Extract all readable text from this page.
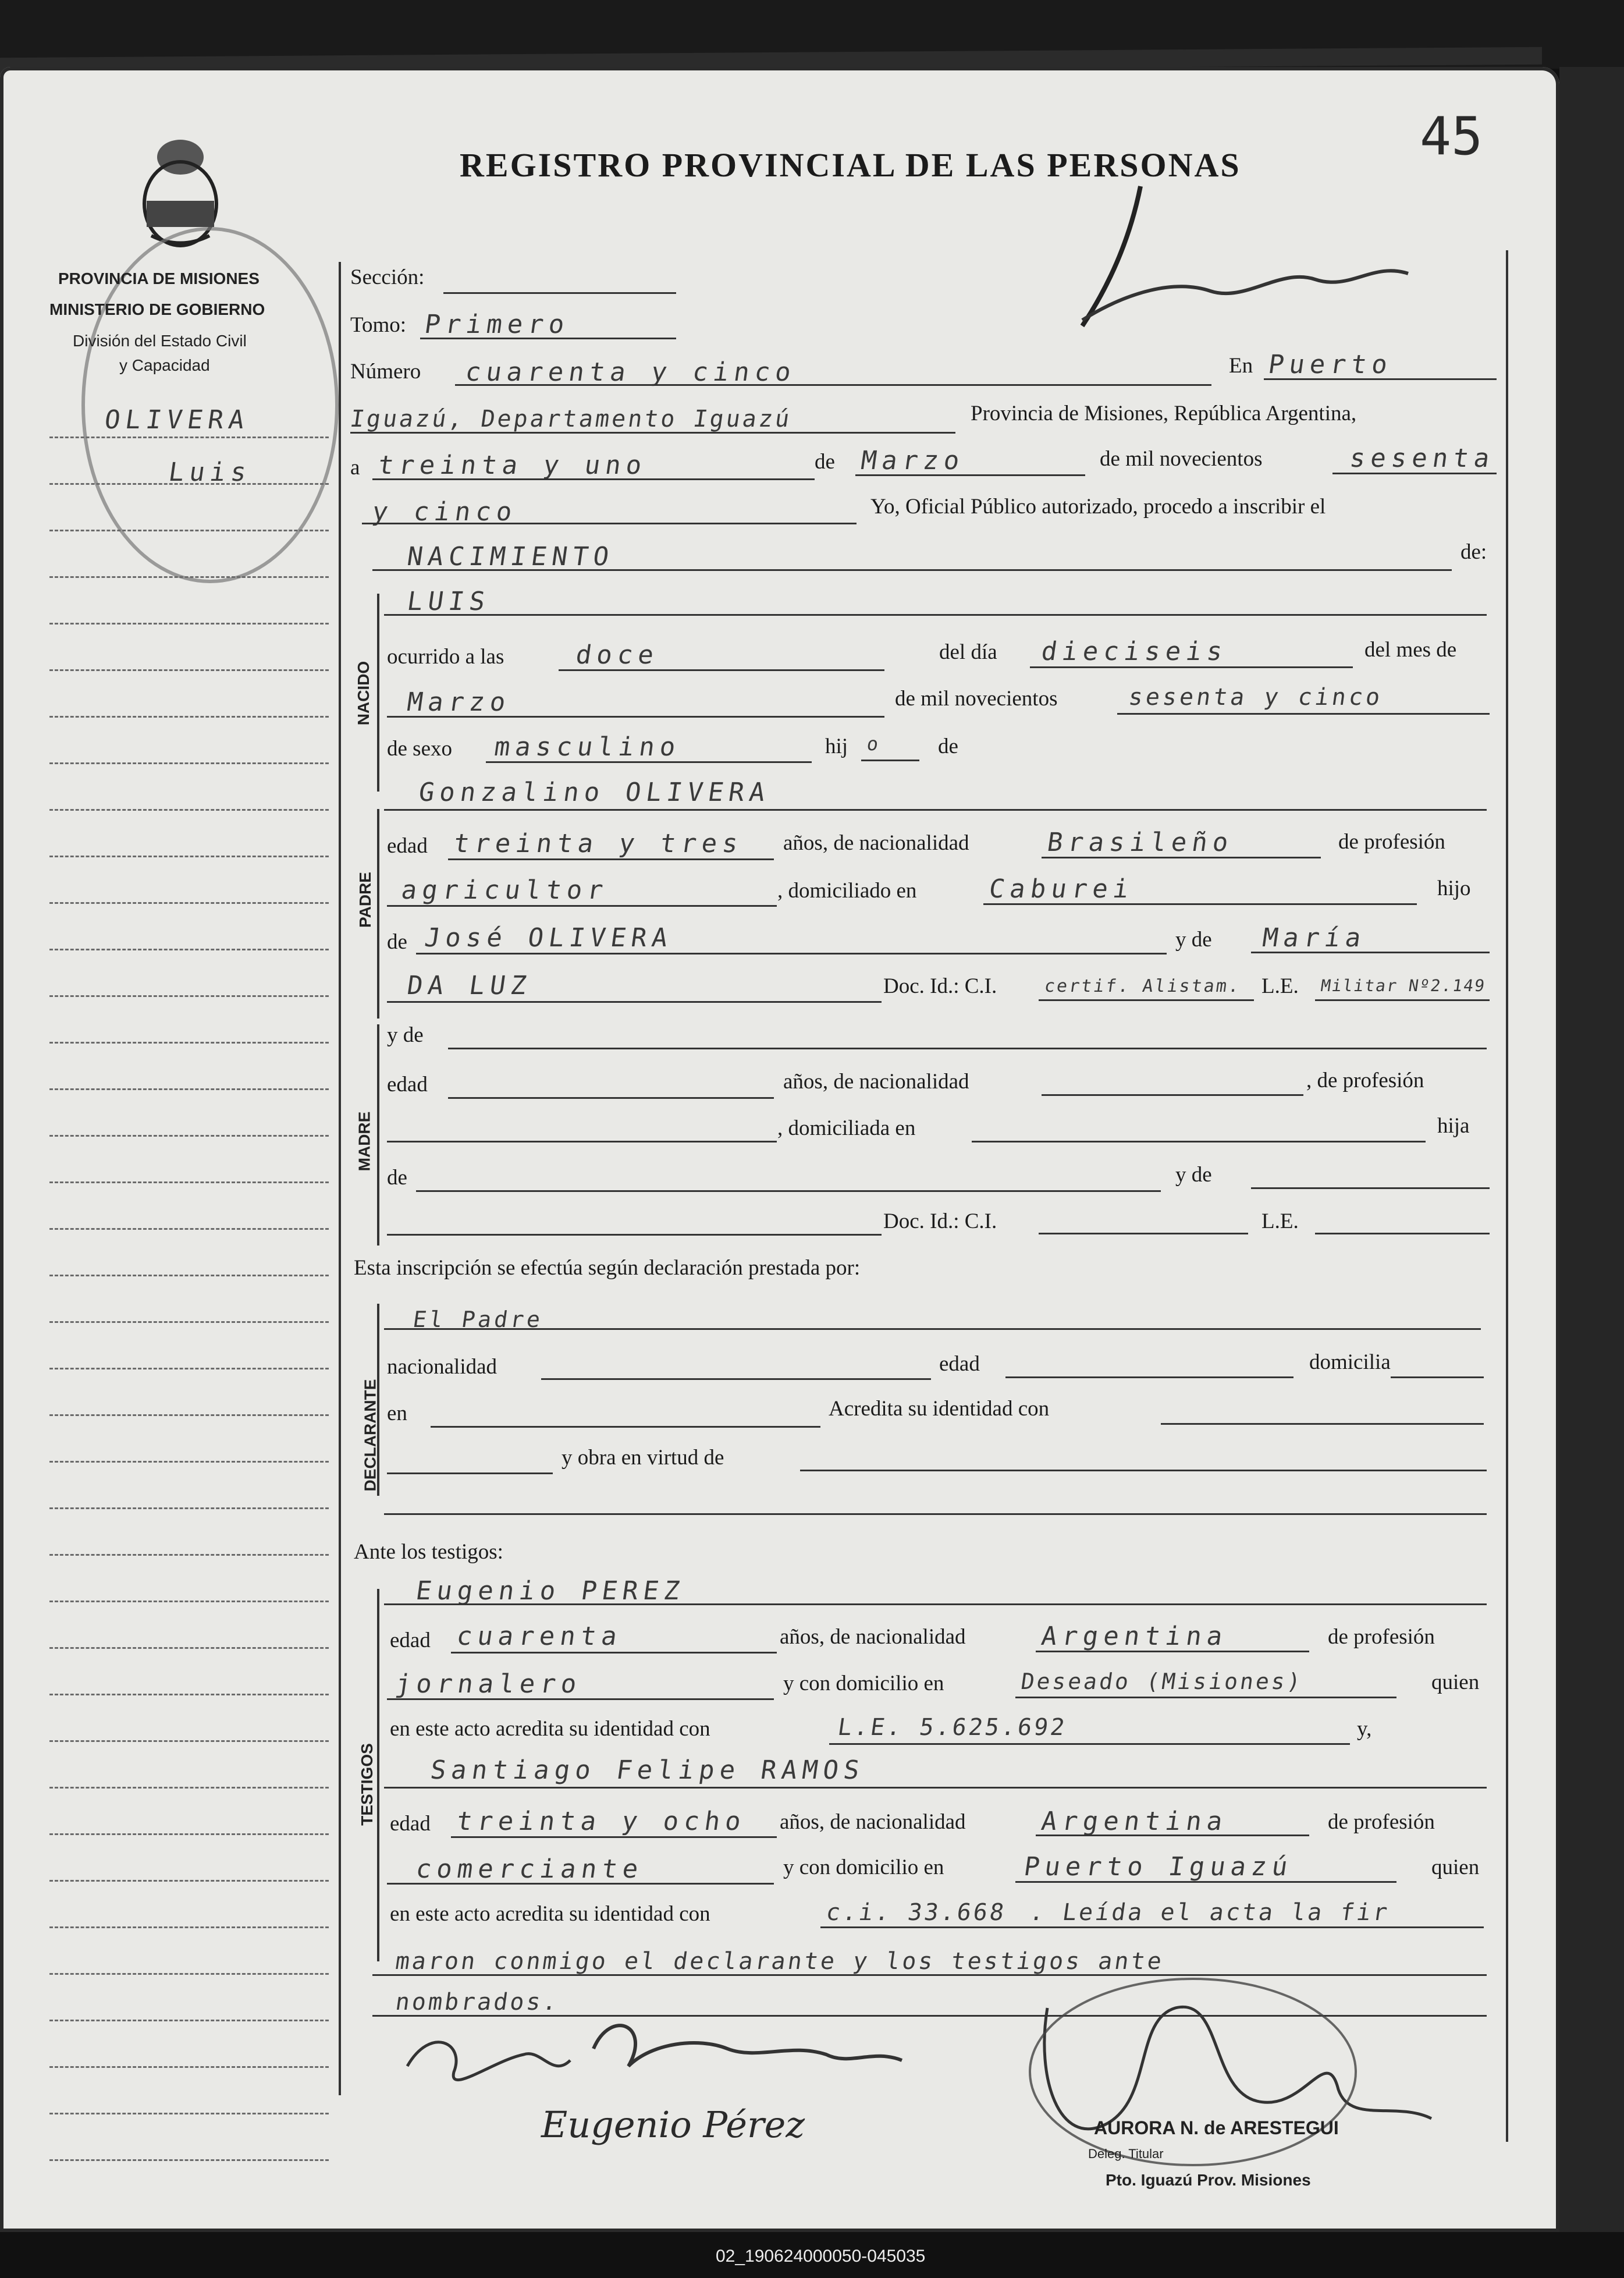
45
REGISTRO PROVINCIAL DE LAS PERSONAS
PROVINCIA DE MISIONES
MINISTERIO DE GOBIERNO
División del Estado Civil
y Capacidad
OLIVERA
Luis
Sección:
Tomo: Primero
Número cuarenta y cinco	En Puerto
Iguazú, Departamento Iguazú	Provincia de Misiones, República Argentina,
a treinta y uno	de Marzo	de mil novecientos	sesenta
y cinco	Yo, Oficial Público autorizado, procedo a inscribir el
NACIMIENTO	de:
NACIDO
LUIS
ocurrido a las	doce	del día dieciseis	del mes de
Marzo	de mil novecientos	sesenta y cinco
de sexo masculino	hij o de
PADRE
Gonzalino OLIVERA
edad treinta y tres años, de nacionalidad	Brasileño	de profesión
agricultor	, domiciliado en	Caburei	hijo
de José OLIVERA	y de María
DA LUZ	Doc. Id.: C.I.	certif. Alistam. L.E. Militar Nº2.149
MADRE
y de
edad	años, de nacionalidad	, de profesión
, domiciliada en	hija
de	y de
Doc. Id.: C.I.	L.E.
Esta inscripción se efectúa según declaración prestada por:
DECLARANTE
El Padre
nacionalidad	edad	domicilia
en	Acredita su identidad con
y obra en virtud de
Ante los testigos:
TESTIGOS
Eugenio PEREZ
edad cuarenta	años, de nacionalidad	Argentina	de profesión
jornalero	y con domicilio en	Deseado (Misiones)	quien
en este acto acredita su identidad con	L.E. 5.625.692	y,
Santiago Felipe RAMOS
edad treinta y ocho años, de nacionalidad	Argentina	de profesión
comerciante	y con domicilio en	Puerto Iguazú	quien
en este acto acredita su identidad con	c.i. 33.668 . Leída el acta la fir
maron conmigo el declarante y los testigos ante
nombrados.
Eugenio Pérez	AURORA N. de ARESTEGUI
Deleg. Titular
Pto. Iguazú Prov. Misiones
02_190624000050-045035
